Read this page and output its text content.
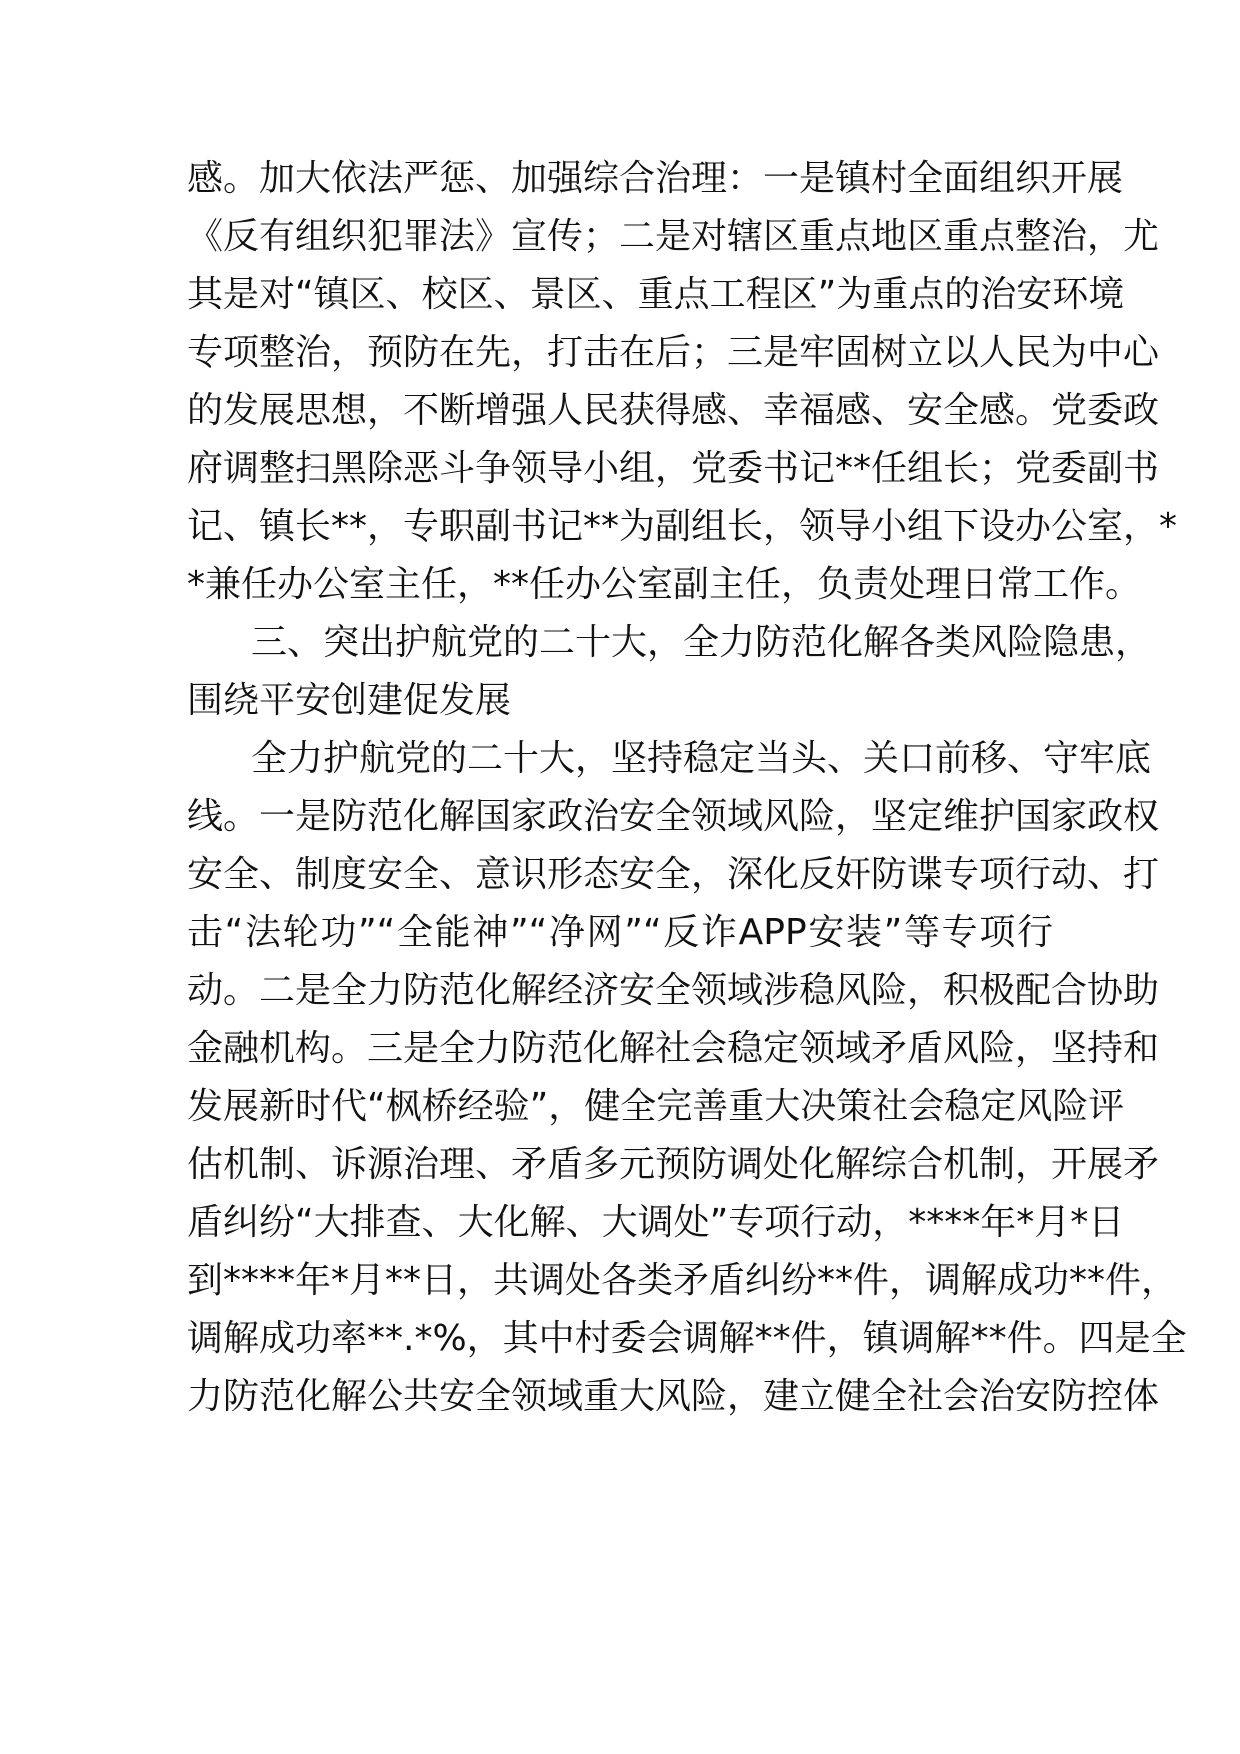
感。加大依法严惩、加强综合治理：一是镇村全面组织开展
《反有组织犯罪法》宣传；二是对辖区重点地区重点整治，尤
其是对“镇区、校区、景区、重点工程区”为重点的治安环境
专项整治，预防在先，打击在后；三是牢固树立以人民为中心
的发展思想，不断增强人民获得感、幸福感、安全感。党委政
府调整扫黑除恶斗争领导小组，党委书记**任组长；党委副书
记、镇长**，专职副书记**为副组长，领导小组下设办公室，*
*兼任办公室主任，**任办公室副主任，负责处理日常工作。
三、突出护航党的二十大，全力防范化解各类风险隐患，
围绕平安创建促发展
全力护航党的二十大，坚持稳定当头、关口前移、守牢底
线。一是防范化解国家政治安全领域风险，坚定维护国家政权
安全、制度安全、意识形态安全，深化反奸防谍专项行动、打
击“法轮功”“全能神”“净网”“反诈APP安装”等专项行
动。二是全力防范化解经济安全领域涉稳风险，积极配合协助
金融机构。三是全力防范化解社会稳定领域矛盾风险，坚持和
发展新时代“枫桥经验”，健全完善重大决策社会稳定风险评
估机制、诉源治理、矛盾多元预防调处化解综合机制，开展矛
盾纠纷“大排查、大化解、大调处”专项行动，****年*月*日
到****年*月**日，共调处各类矛盾纠纷**件，调解成功**件，
调解成功率**.*%，其中村委会调解**件，镇调解**件。四是全
力防范化解公共安全领域重大风险，建立健全社会治安防控体
